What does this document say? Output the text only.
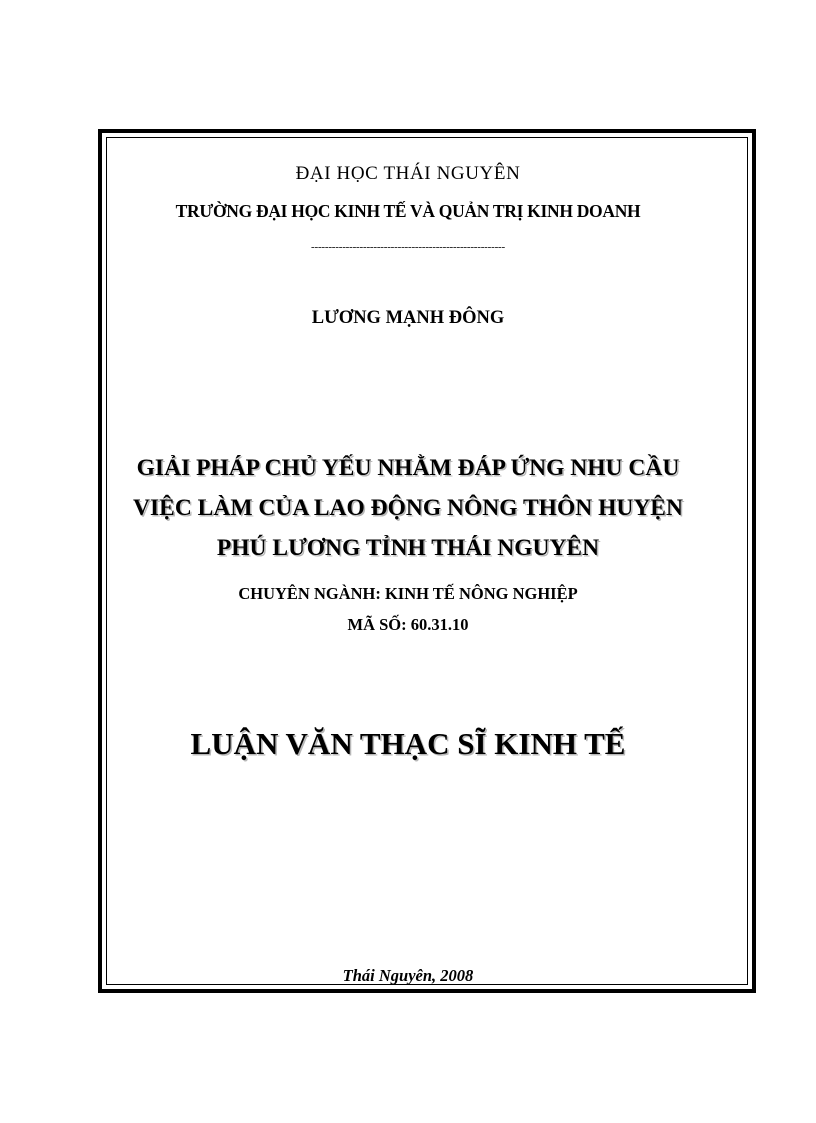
ĐẠI HỌC THÁI NGUYÊN
TRƯỜNG ĐẠI HỌC KINH TẾ VÀ QUẢN TRỊ KINH DOANH
--------------------------------------------------------
LƯƠNG MẠNH ĐÔNG
GIẢI PHÁP CHỦ YẾU NHẰM ĐÁP ỨNG NHU CẦU
VIỆC LÀM CỦA LAO ĐỘNG NÔNG THÔN HUYỆN
PHÚ LƯƠNG TỈNH THÁI NGUYÊN
CHUYÊN NGÀNH: KINH TẾ NÔNG NGHIỆP
MÃ SỐ: 60.31.10
LUẬN VĂN THẠC SĨ KINH TẾ
Thái Nguyên, 2008
